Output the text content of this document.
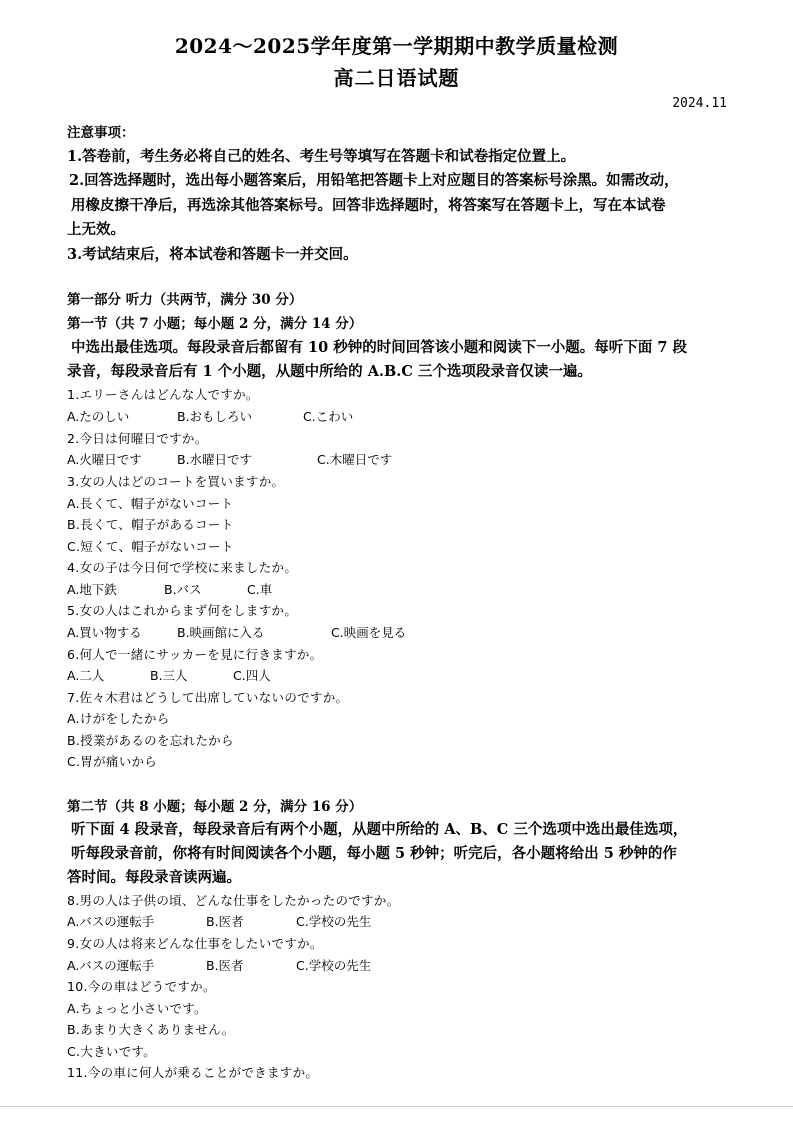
2024～2025学年度第一学期期中教学质量检测
高二日语试题
2024.11
注意事项：
1.答卷前，考生务必将自己的姓名、考生号等填写在答题卡和试卷指定位置上。
2.回答选择题时，选出每小题答案后，用铅笔把答题卡上对应题目的答案标号涂黑。如需改动，
用橡皮擦干净后，再选涂其他答案标号。回答非选择题时，将答案写在答题卡上，写在本试卷
上无效。
3.考试结束后，将本试卷和答题卡一并交回。
第一部分 听力（共两节，满分 30 分）
第一节（共 7 小题；每小题 2 分，满分 14 分）
中选出最佳选项。每段录音后都留有 10 秒钟的时间回答该小题和阅读下一小题。每听下面 7 段
录音，每段录音后有 1 个小题，从题中所给的 A.B.C 三个选项段录音仅读一遍。
1.エリーさんはどんな人ですか。
A.たのしい	B.おもしろい	C.こわい
2.今日は何曜日ですか。
A.火曜日です	B.水曜日です	C.木曜日です
3.女の人はどのコートを買いますか。
A.長くて、帽子がないコート
B.長くて、帽子があるコート
C.短くて、帽子がないコート
4.女の子は今日何で学校に来ましたか。
A.地下鉄	B.バス	C.車
5.女の人はこれからまず何をしますか。
A.買い物する	B.映画館に入る	C.映画を見る
6.何人で一緒にサッカーを見に行きますか。
A.二人	B.三人	C.四人
7.佐々木君はどうして出席していないのですか。
A.けがをしたから
B.授業があるのを忘れたから
C.胃が痛いから
第二节（共 8 小题；每小题 2 分，满分 16 分）
听下面 4 段录音，每段录音后有两个小题，从题中所给的 A、B、C 三个选项中选出最佳选项，
听每段录音前，你将有时间阅读各个小题，每小题 5 秒钟；听完后，各小题将给出 5 秒钟的作
答时间。每段录音读两遍。
8.男の人は子供の頃、どんな仕事をしたかったのですか。
A.バスの運転手	B.医者	C.学校の先生
9.女の人は将来どんな仕事をしたいですか。
A.バスの運転手	B.医者	C.学校の先生
10.今の車はどうですか。
A.ちょっと小さいです。
B.あまり大きくありません。
C.大きいです。
11.今の車に何人が乗ることができますか。
